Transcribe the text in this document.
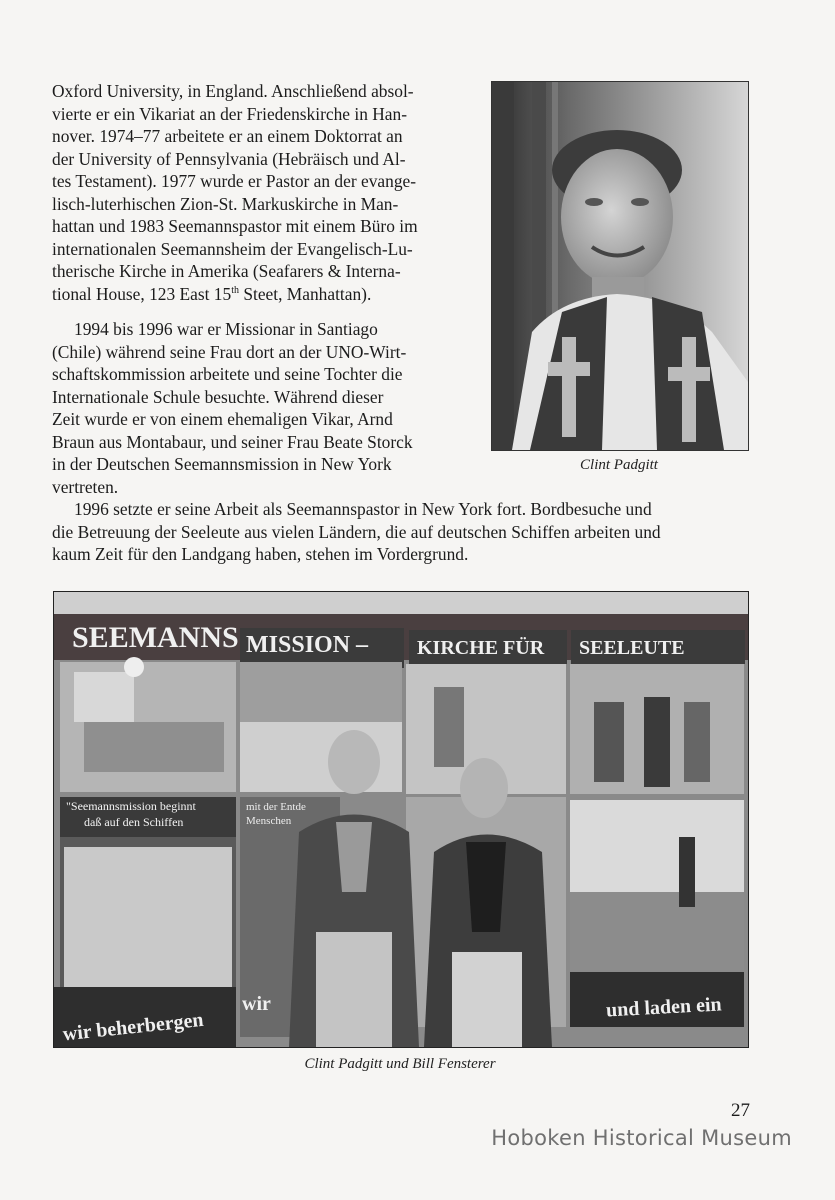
Oxford University, in England. Anschließend absol-
vierte er ein Vikariat an der Friedenskirche in Han-
nover. 1974–77 arbeitete er an einem Doktorrat an
der University of Pennsylvania (Hebräisch und Al-
tes Testament). 1977 wurde er Pastor an der evange-
lisch-luterhischen Zion-St. Markuskirche in Man-
hattan und 1983 Seemannspastor mit einem Büro im
internationalen Seemannsheim der Evangelisch-Lu-
therische Kirche in Amerika (Seafarers & Interna-
tional House, 123 East 15th Steet, Manhattan).
1994 bis 1996 war er Missionar in Santiago
(Chile) während seine Frau dort an der UNO-Wirt-
schaftskommission arbeitete und seine Tochter die
Internationale Schule besuchte. Während dieser
Zeit wurde er von einem ehemaligen Vikar, Arnd
Braun aus Montabaur, und seiner Frau Beate Storck
in der Deutschen Seemannsmission in New York
vertreten.
1996 setzte er seine Arbeit als Seemannspastor in New York fort. Bordbesuche und
die Betreuung der Seeleute aus vielen Ländern, die auf deutschen Schiffen arbeiten und
kaum Zeit für den Landgang haben, stehen im Vordergrund.
Clint Padgitt
SEEMANNS MISSION – KIRCHE FÜR SEELEUTE
"Seemannsmission beginnt
daß auf den Schiffen
mit der Entde
Menschen
und laden ein
wir beherbergen
wir
Clint Padgitt und Bill Fensterer
27
Hoboken Historical Museum
